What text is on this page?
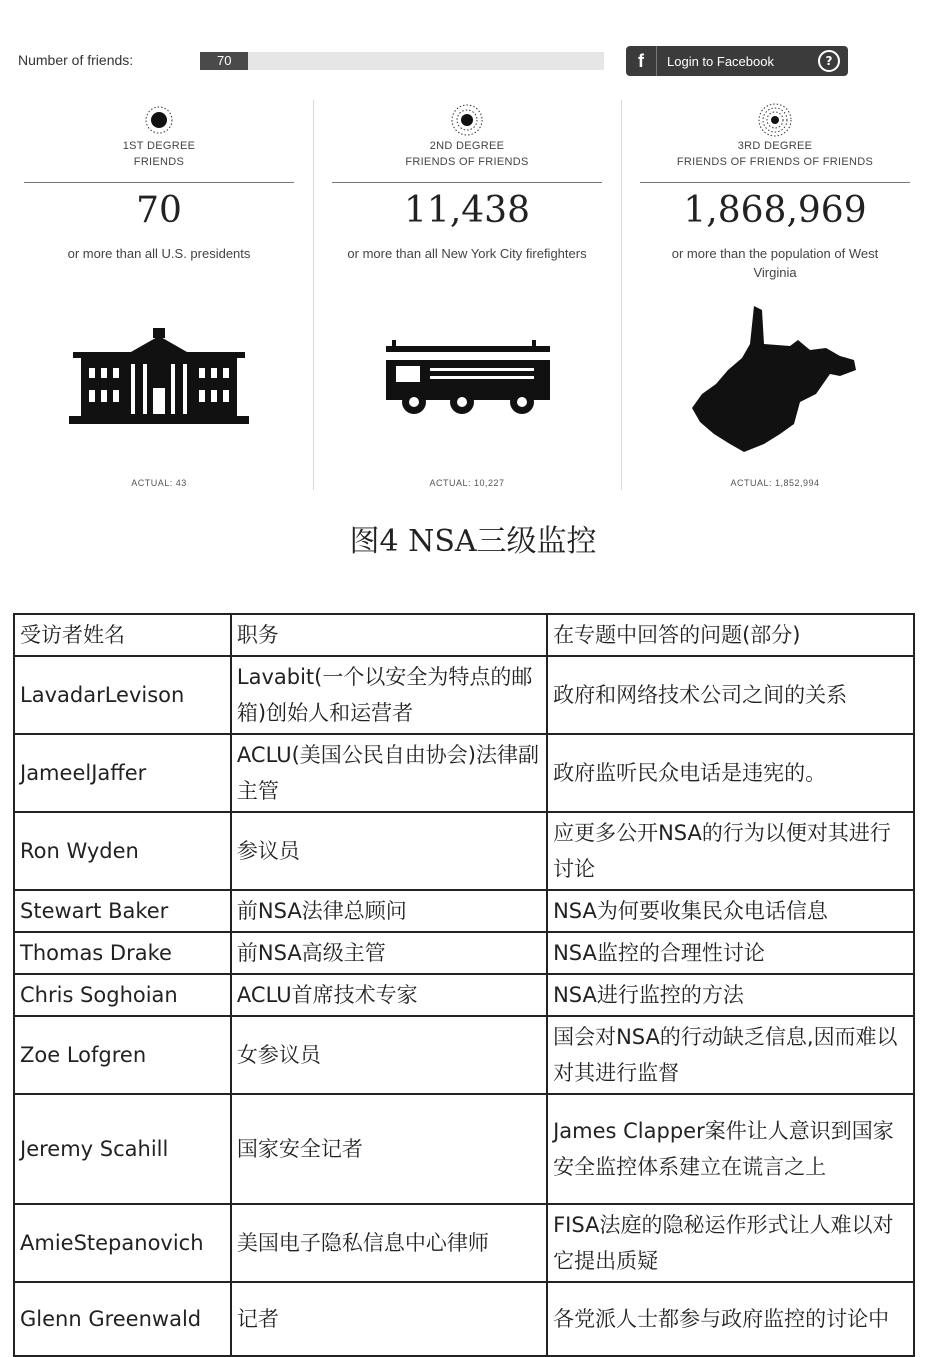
Number of friends:	70	f	Login to Facebook	?
1ST DEGREE
FRIENDS
70
or more than all U.S. presidents
ACTUAL: 43
2ND DEGREE
FRIENDS OF FRIENDS
11,438
or more than all New York City firefighters
ACTUAL: 10,227
3RD DEGREE
FRIENDS OF FRIENDS OF FRIENDS
1,868,969
or more than the population of West Virginia
ACTUAL: 1,852,994
图4 NSA三级监控
受访者姓名	职务	在专题中回答的问题(部分)
LavadarLevison	Lavabit(一个以安全为特点的邮箱)创始人和运营者	政府和网络技术公司之间的关系
JameelJaffer	ACLU(美国公民自由协会)法律副主管	政府监听民众电话是违宪的。
Ron Wyden	参议员	应更多公开NSA的行为以便对其进行讨论
Stewart Baker	前NSA法律总顾问	NSA为何要收集民众电话信息
Thomas Drake	前NSA高级主管	NSA监控的合理性讨论
Chris Soghoian	ACLU首席技术专家	NSA进行监控的方法
Zoe Lofgren	女参议员	国会对NSA的行动缺乏信息,因而难以对其进行监督
Jeremy Scahill	国家安全记者	James Clapper案件让人意识到国家安全监控体系建立在谎言之上
AmieStepanovich	美国电子隐私信息中心律师	FISA法庭的隐秘运作形式让人难以对它提出质疑
Glenn Greenwald	记者	各党派人士都参与政府监控的讨论中
